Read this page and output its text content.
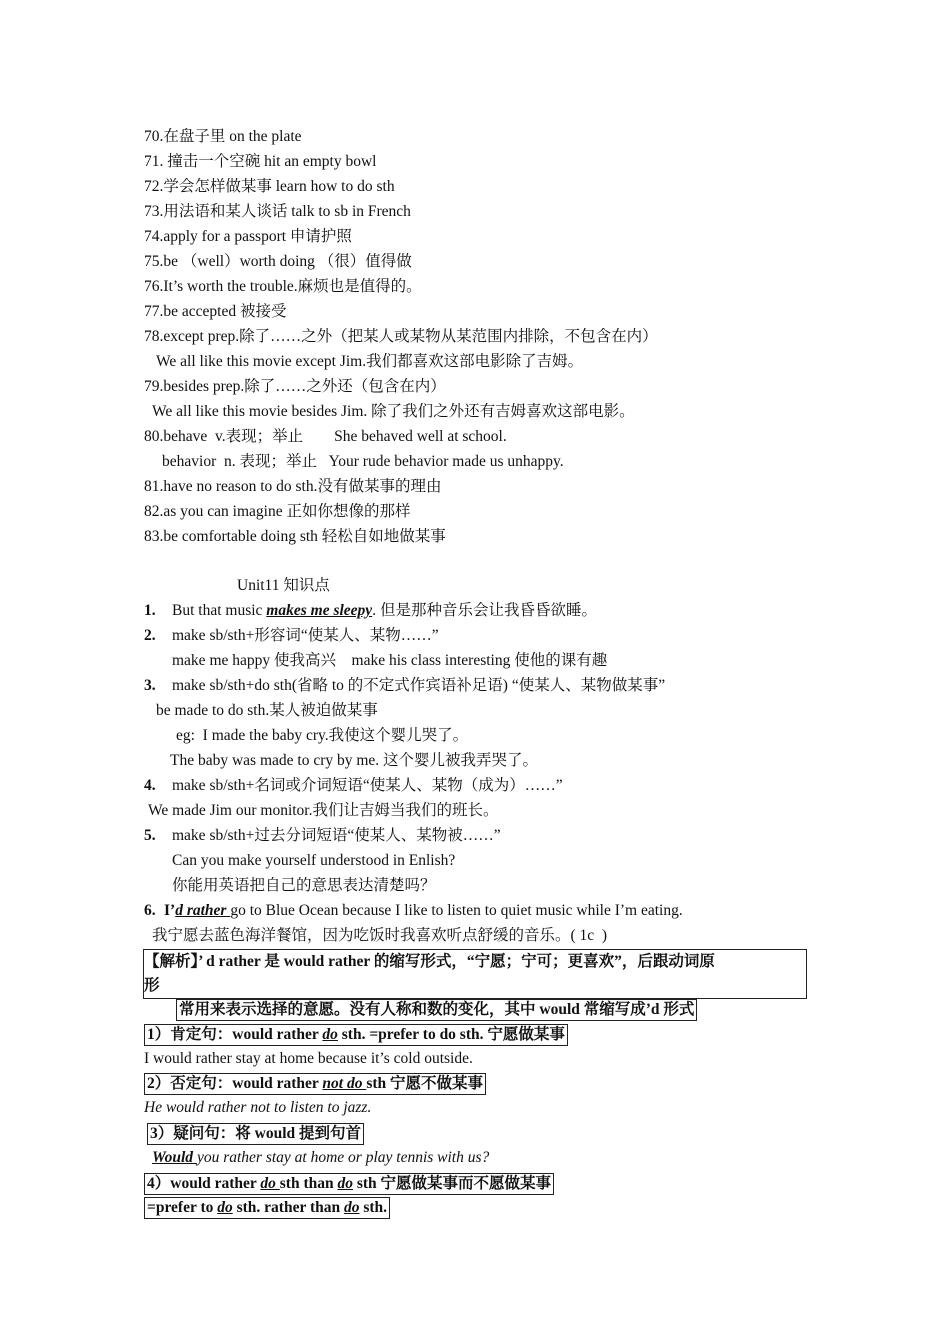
70.在盘子里 on the plate
71. 撞击一个空碗 hit an empty bowl
72.学会怎样做某事 learn how to do sth
73.用法语和某人谈话 talk to sb in French
74.apply for a passport 申请护照
75.be （well）worth doing （很）值得做
76.It’s worth the trouble.麻烦也是值得的。
77.be accepted 被接受
78.except prep.除了……之外（把某人或某物从某范围内排除，不包含在内）
We all like this movie except Jim.我们都喜欢这部电影除了吉姆。
79.besides prep.除了……之外还（包含在内）
We all like this movie besides Jim. 除了我们之外还有吉姆喜欢这部电影。
80.behave  v.表现；举止        She behaved well at school.
behavior  n. 表现；举止   Your rude behavior made us unhappy.
81.have no reason to do sth.没有做某事的理由
82.as you can imagine 正如你想像的那样
83.be comfortable doing sth 轻松自如地做某事
Unit11 知识点
1. But that music makes me sleepy. 但是那种音乐会让我昏昏欲睡。
2. make sb/sth+形容词“使某人、某物……”
make me happy 使我高兴    make his class interesting 使他的课有趣
3. make sb/sth+do sth(省略 to 的不定式作宾语补足语) “使某人、某物做某事”
be made to do sth.某人被迫做某事
eg:  I made the baby cry.我使这个婴儿哭了。
The baby was made to cry by me. 这个婴儿被我弄哭了。
4. make sb/sth+名词或介词短语“使某人、某物（成为）……”
We made Jim our monitor.我们让吉姆当我们的班长。
5. make sb/sth+过去分词短语“使某人、某物被……”
Can you make yourself understood in Enlish?
你能用英语把自己的意思表达清楚吗？
6. I’d rather go to Blue Ocean because I like to listen to quiet music while I’m eating.
我宁愿去蓝色海洋餐馆，因为吃饭时我喜欢听点舒缓的音乐。( 1c  )
【解析】’ d rather 是 would rather 的缩写形式，“宁愿；宁可；更喜欢”，后跟动词原
形
常用来表示选择的意愿。没有人称和数的变化，其中 would 常缩写成’d 形式
1）肯定句：would rather do sth. =prefer to do sth. 宁愿做某事
I would rather stay at home because it’s cold outside.
2）否定句：would rather not do sth 宁愿不做某事
He would rather not to listen to jazz.
3）疑问句：将 would 提到句首
Would you rather stay at home or play tennis with us?
4）would rather do sth than do sth 宁愿做某事而不愿做某事
=prefer to do sth. rather than do sth.
